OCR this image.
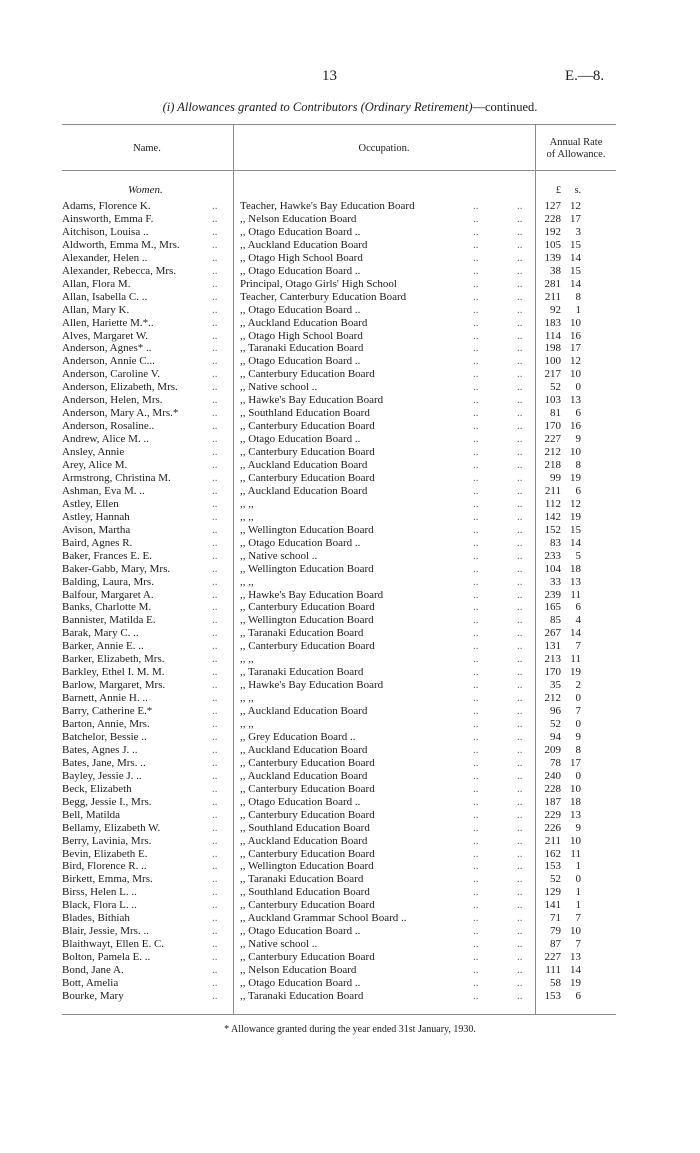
13	E.—8.
(i) Allowances granted to Contributors (Ordinary Retirement)—continued.
Name.	Occupation.
Annual Rate
of Allowance.
Women.	£	s.
Adams, Florence K.	.. Teacher, Hawke's Bay Education Board	..	..	127 12
Ainsworth, Emma F.	.. ,, Nelson Education Board	..	..	228 17
Aitchison, Louisa ..	.. ,, Otago Education Board ..	..	..	192	3
Aldworth, Emma M., Mrs.	.. ,, Auckland Education Board	..	..	105 15
Alexander, Helen ..	.. ,, Otago High School Board	..	..	139 14
Alexander, Rebecca, Mrs.	.. ,, Otago Education Board ..	..	..	38 15
Allan, Flora M.	.. Principal, Otago Girls' High School	..	..	281 14
Allan, Isabella C. ..	.. Teacher, Canterbury Education Board	..	..	211	8
Allan, Mary K.	.. ,, Otago Education Board ..	..	..	92	1
Allen, Hariette M.*..	.. ,, Auckland Education Board	..	..	183 10
Alves, Margaret W.	.. ,, Otago High School Board	..	..	114 16
Anderson, Agnes* ..	.. ,, Taranaki Education Board	..	..	198 17
Anderson, Annie C...	.. ,, Otago Education Board ..	..	..	100 12
Anderson, Caroline V.	.. ,, Canterbury Education Board	..	..	217 10
Anderson, Elizabeth, Mrs.	.. ,, Native school ..	..	..	52	0
Anderson, Helen, Mrs.	.. ,, Hawke's Bay Education Board	..	..	103 13
Anderson, Mary A., Mrs.*	.. ,, Southland Education Board	..	..	81	6
Anderson, Rosaline..	.. ,, Canterbury Education Board	..	..	170 16
Andrew, Alice M. ..	.. ,, Otago Education Board ..	..	..	227	9
Ansley, Annie	.. ,, Canterbury Education Board	..	..	212 10
Arey, Alice M.	.. ,, Auckland Education Board	..	..	218	8
Armstrong, Christina M.	.. ,, Canterbury Education Board	..	..	99 19
Ashman, Eva M. ..	.. ,, Auckland Education Board	..	..	211	6
Astley, Ellen	.. ,, ,,	..	..	112 12
Astley, Hannah	.. ,, ,,	..	..	142 19
Avison, Martha	.. ,, Wellington Education Board	..	..	152 15
Baird, Agnes R.	.. ,, Otago Education Board ..	..	..	83 14
Baker, Frances E. E.	.. ,, Native school ..	..	..	233	5
Baker-Gabb, Mary, Mrs.	.. ,, Wellington Education Board	..	..	104 18
Balding, Laura, Mrs.	.. ,, ,,	..	..	33 13
Balfour, Margaret A.	.. ,, Hawke's Bay Education Board	..	..	239 11
Banks, Charlotte M.	.. ,, Canterbury Education Board	..	..	165	6
Bannister, Matilda E.	.. ,, Wellington Education Board	..	..	85	4
Barak, Mary C. ..	.. ,, Taranaki Education Board	..	..	267 14
Barker, Annie E. ..	.. ,, Canterbury Education Board	..	..	131	7
Barker, Elizabeth, Mrs.	.. ,, ,,	..	..	213 11
Barkley, Ethel I. M. M.	.. ,, Taranaki Education Board	..	..	170 19
Barlow, Margaret, Mrs.	.. ,, Hawke's Bay Education Board	..	..	35	2
Barnett, Annie H. ..	.. ,, ,,	..	..	212	0
Barry, Catherine E.*	.. ,, Auckland Education Board	..	..	96	7
Barton, Annie, Mrs.	.. ,, ,,	..	..	52	0
Batchelor, Bessie ..	.. ,, Grey Education Board ..	..	..	94	9
Bates, Agnes J. ..	.. ,, Auckland Education Board	..	..	209	8
Bates, Jane, Mrs. ..	.. ,, Canterbury Education Board	..	..	78 17
Bayley, Jessie J. ..	.. ,, Auckland Education Board	..	..	240	0
Beck, Elizabeth	.. ,, Canterbury Education Board	..	..	228 10
Begg, Jessie I., Mrs.	.. ,, Otago Education Board ..	..	..	187 18
Bell, Matilda	.. ,, Canterbury Education Board	..	..	229 13
Bellamy, Elizabeth W.	.. ,, Southland Education Board	..	..	226	9
Berry, Lavinia, Mrs.	.. ,, Auckland Education Board	..	..	211 10
Bevin, Elizabeth E.	.. ,, Canterbury Education Board	..	..	162 11
Bird, Florence R. ..	.. ,, Wellington Education Board	..	..	153	1
Birkett, Emma, Mrs.	.. ,, Taranaki Education Board	..	..	52	0
Birss, Helen L. ..	.. ,, Southland Education Board	..	..	129	1
Black, Flora L. ..	.. ,, Canterbury Education Board	..	..	141	1
Blades, Bithiah	.. ,, Auckland Grammar School Board ..	..	..	71	7
Blair, Jessie, Mrs. ..	.. ,, Otago Education Board ..	..	..	79 10
Blaithwayt, Ellen E. C.	.. ,, Native school ..	..	..	87	7
Bolton, Pamela E. ..	.. ,, Canterbury Education Board	..	..	227 13
Bond, Jane A.	.. ,, Nelson Education Board	..	..	111 14
Bott, Amelia	.. ,, Otago Education Board ..	..	..	58 19
Bourke, Mary	.. ,, Taranaki Education Board	..	..	153	6
* Allowance granted during the year ended 31st January, 1930.
